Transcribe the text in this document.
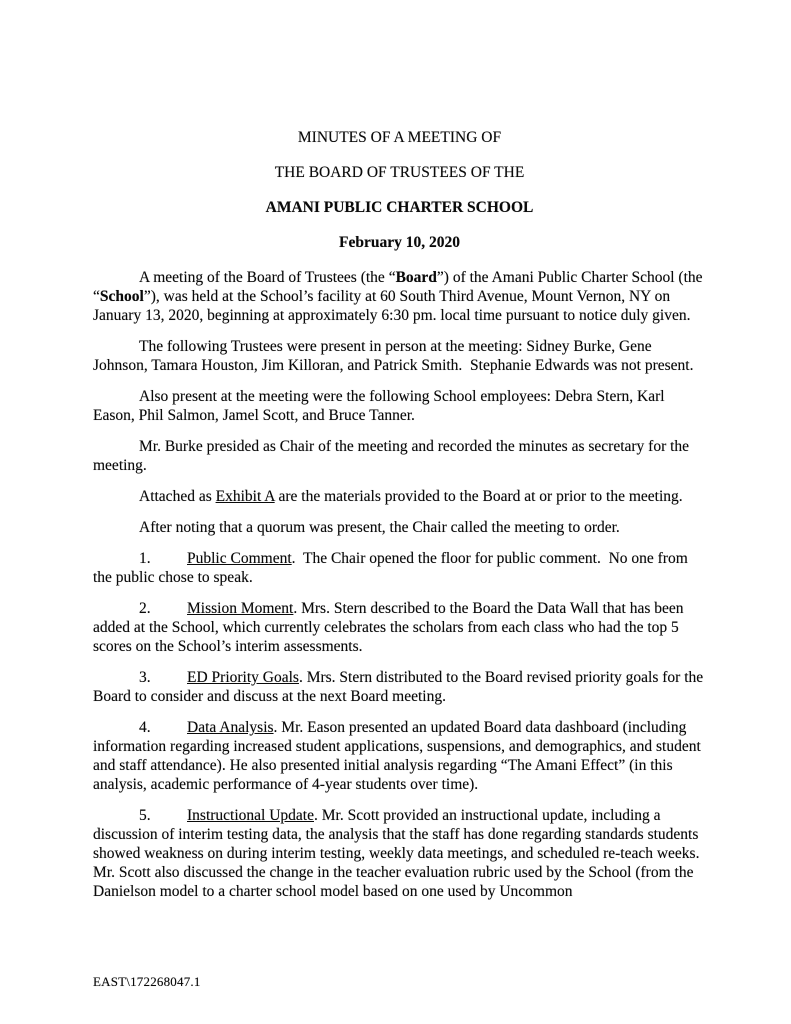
MINUTES OF A MEETING OF
THE BOARD OF TRUSTEES OF THE
AMANI PUBLIC CHARTER SCHOOL
February 10, 2020

A meeting of the Board of Trustees (the “Board”) of the Amani Public Charter School (the “School”), was held at the School’s facility at 60 South Third Avenue, Mount Vernon, NY on January 13, 2020, beginning at approximately 6:30 pm. local time pursuant to notice duly given.

The following Trustees were present in person at the meeting: Sidney Burke, Gene Johnson, Tamara Houston, Jim Killoran, and Patrick Smith.  Stephanie Edwards was not present.

Also present at the meeting were the following School employees: Debra Stern, Karl Eason, Phil Salmon, Jamel Scott, and Bruce Tanner.

Mr. Burke presided as Chair of the meeting and recorded the minutes as secretary for the meeting.

Attached as Exhibit A are the materials provided to the Board at or prior to the meeting.

After noting that a quorum was present, the Chair called the meeting to order.

1. Public Comment.  The Chair opened the floor for public comment.  No one from the public chose to speak.

2. Mission Moment. Mrs. Stern described to the Board the Data Wall that has been added at the School, which currently celebrates the scholars from each class who had the top 5 scores on the School’s interim assessments.

3. ED Priority Goals. Mrs. Stern distributed to the Board revised priority goals for the Board to consider and discuss at the next Board meeting.

4. Data Analysis. Mr. Eason presented an updated Board data dashboard (including information regarding increased student applications, suspensions, and demographics, and student and staff attendance). He also presented initial analysis regarding “The Amani Effect” (in this analysis, academic performance of 4-year students over time).

5. Instructional Update. Mr. Scott provided an instructional update, including a discussion of interim testing data, the analysis that the staff has done regarding standards students showed weakness on during interim testing, weekly data meetings, and scheduled re-teach weeks. Mr. Scott also discussed the change in the teacher evaluation rubric used by the School (from the Danielson model to a charter school model based on one used by Uncommon

EAST\172268047.1
